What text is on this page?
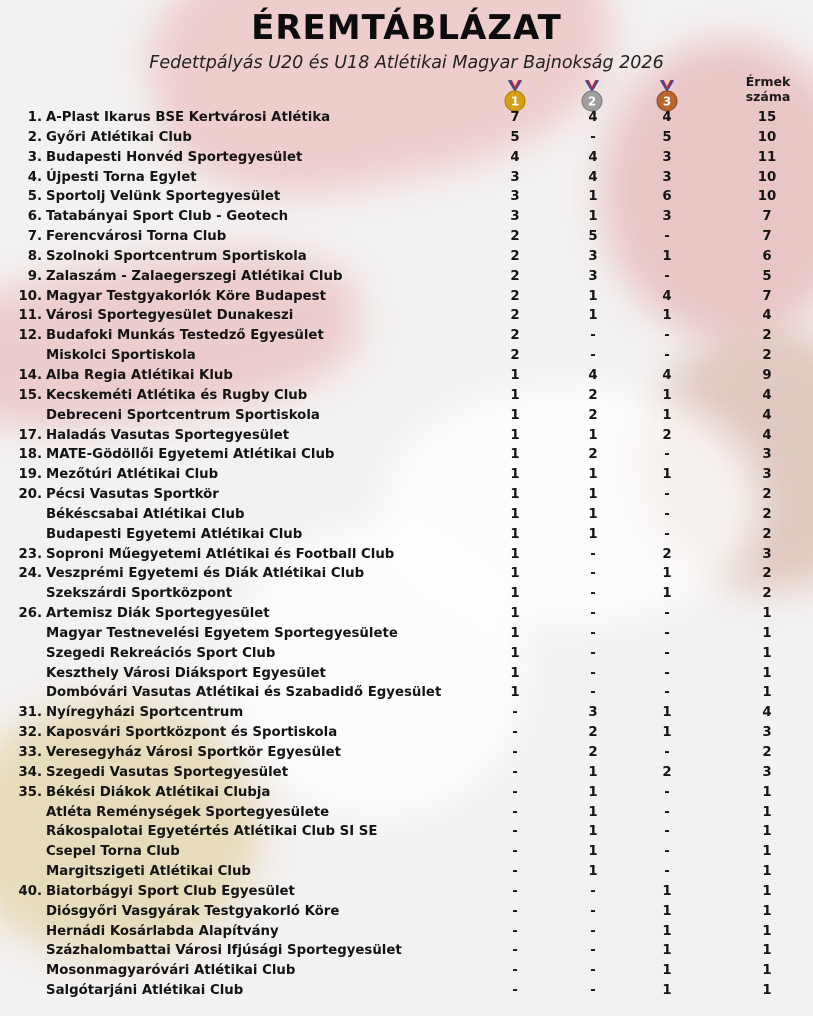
ÉREMTÁBLÁZAT
Fedettpályás U20 és U18 Atlétikai Magyar Bajnokság 2026
1	2	3
Érmek
száma
1. A-Plast Ikarus BSE Kertvárosi Atlétika	7	4	4	15
2. Győri Atlétikai Club	5	-	5	10
3. Budapesti Honvéd Sportegyesület	4	4	3	11
4. Újpesti Torna Egylet	3	4	3	10
5. Sportolj Velünk Sportegyesület	3	1	6	10
6. Tatabányai Sport Club - Geotech	3	1	3	7
7. Ferencvárosi Torna Club	2	5	-	7
8. Szolnoki Sportcentrum Sportiskola	2	3	1	6
9. Zalaszám - Zalaegerszegi Atlétikai Club	2	3	-	5
10. Magyar Testgyakorlók Köre Budapest	2	1	4	7
11. Városi Sportegyesület Dunakeszi	2	1	1	4
12. Budafoki Munkás Testedző Egyesület	2	-	-	2
Miskolci Sportiskola	2	-	-	2
14. Alba Regia Atlétikai Klub	1	4	4	9
15. Kecskeméti Atlétika és Rugby Club	1	2	1	4
Debreceni Sportcentrum Sportiskola	1	2	1	4
17. Haladás Vasutas Sportegyesület	1	1	2	4
18. MATE-Gödöllői Egyetemi Atlétikai Club	1	2	-	3
19. Mezőtúri Atlétikai Club	1	1	1	3
20. Pécsi Vasutas Sportkör	1	1	-	2
Békéscsabai Atlétikai Club	1	1	-	2
Budapesti Egyetemi Atlétikai Club	1	1	-	2
23. Soproni Műegyetemi Atlétikai és Football Club	1	-	2	3
24. Veszprémi Egyetemi és Diák Atlétikai Club	1	-	1	2
Szekszárdi Sportközpont	1	-	1	2
26. Artemisz Diák Sportegyesület	1	-	-	1
Magyar Testnevelési Egyetem Sportegyesülete	1	-	-	1
Szegedi Rekreációs Sport Club	1	-	-	1
Keszthely Városi Diáksport Egyesület	1	-	-	1
Dombóvári Vasutas Atlétikai és Szabadidő Egyesület	1	-	-	1
31. Nyíregyházi Sportcentrum	-	3	1	4
32. Kaposvári Sportközpont és Sportiskola	-	2	1	3
33. Veresegyház Városi Sportkör Egyesület	-	2	-	2
34. Szegedi Vasutas Sportegyesület	-	1	2	3
35. Békési Diákok Atlétikai Clubja	-	1	-	1
Atléta Reménységek Sportegyesülete	-	1	-	1
Rákospalotai Egyetértés Atlétikai Club SI SE	-	1	-	1
Csepel Torna Club	-	1	-	1
Margitszigeti Atlétikai Club	-	1	-	1
40. Biatorbágyi Sport Club Egyesület	-	-	1	1
Diósgyőri Vasgyárak Testgyakorló Köre	-	-	1	1
Hernádi Kosárlabda Alapítvány	-	-	1	1
Százhalombattai Városi Ifjúsági Sportegyesület	-	-	1	1
Mosonmagyaróvári Atlétikai Club	-	-	1	1
Salgótarjáni Atlétikai Club	-	-	1	1
